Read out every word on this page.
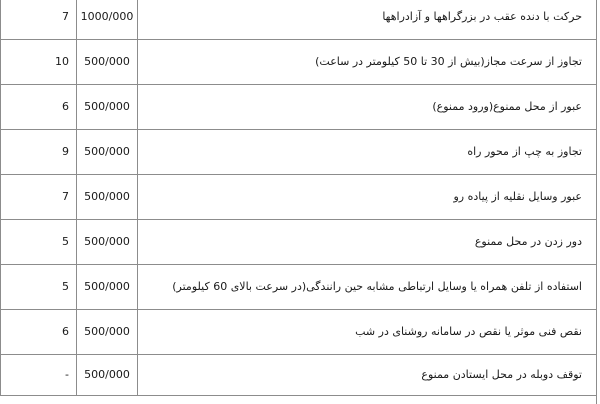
7	1000/000	حرکت با دنده عقب در بزرگراهها و آزادراهها
10	500/000	تجاوز از سرعت مجاز(بیش از 30 تا 50 کیلومتر در ساعت)
6	500/000	عبور از محل ممنوع(ورود ممنوع)
9	500/000	تجاوز به چپ از محور راه
7	500/000	عبور وسایل نقلیه از پیاده رو
5	500/000	دور زدن در محل ممنوع
5	500/000	استفاده از تلفن همراه یا وسایل ارتباطی مشابه حین رانندگی(در سرعت بالای 60 کیلومتر)
6	500/000	نقص فنی موثر یا نقص در سامانه روشنای در شب
-	500/000	توقف دوبله در محل ایستادن ممنوع
